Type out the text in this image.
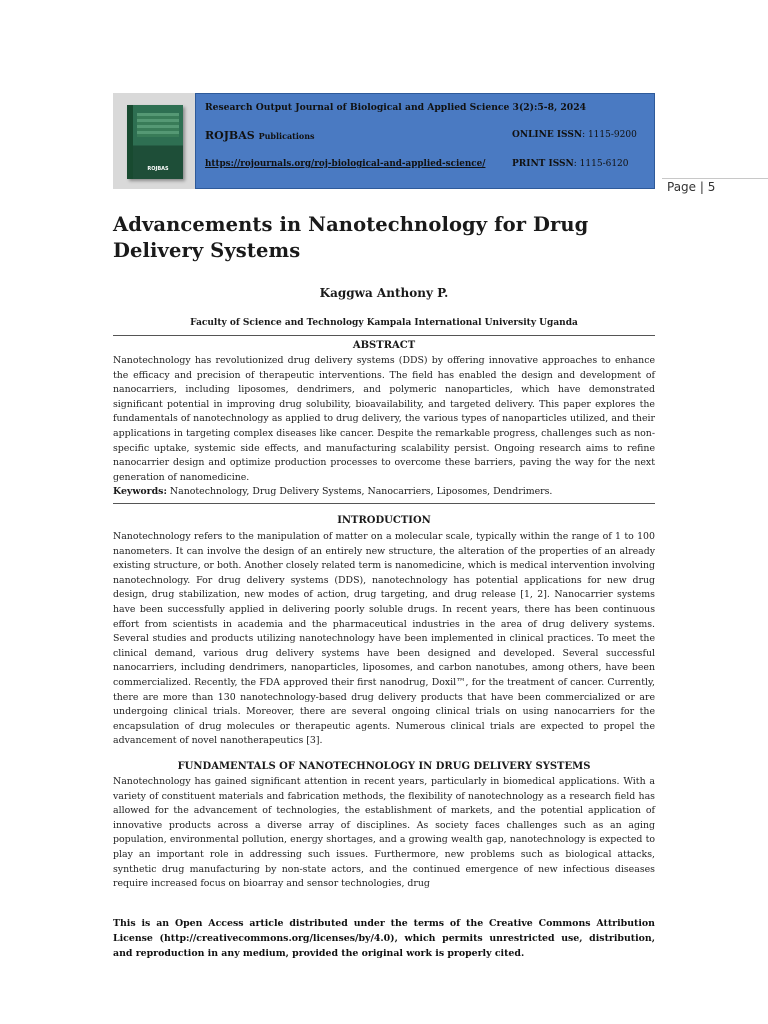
ROJBAS
Research Output Journal of Biological and Applied Science 3(2):5-8, 2024
ROJBAS Publications	ONLINE ISSN: 1115-9200
https://rojournals.org/roj-biological-and-applied-science/	PRINT ISSN: 1115-6120
Page | 5
Advancements in Nanotechnology for Drug Delivery Systems
Kaggwa Anthony P.
Faculty of Science and Technology Kampala International University Uganda
ABSTRACT
Nanotechnology has revolutionized drug delivery systems (DDS) by offering innovative approaches to enhance the efficacy and precision of therapeutic interventions. The field has enabled the design and development of nanocarriers, including liposomes, dendrimers, and polymeric nanoparticles, which have demonstrated significant potential in improving drug solubility, bioavailability, and targeted delivery. This paper explores the fundamentals of nanotechnology as applied to drug delivery, the various types of nanoparticles utilized, and their applications in targeting complex diseases like cancer. Despite the remarkable progress, challenges such as non-specific uptake, systemic side effects, and manufacturing scalability persist. Ongoing research aims to refine nanocarrier design and optimize production processes to overcome these barriers, paving the way for the next generation of nanomedicine.
Keywords: Nanotechnology, Drug Delivery Systems, Nanocarriers, Liposomes, Dendrimers.
INTRODUCTION
Nanotechnology refers to the manipulation of matter on a molecular scale, typically within the range of 1 to 100 nanometers. It can involve the design of an entirely new structure, the alteration of the properties of an already existing structure, or both. Another closely related term is nanomedicine, which is medical intervention involving nanotechnology. For drug delivery systems (DDS), nanotechnology has potential applications for new drug design, drug stabilization, new modes of action, drug targeting, and drug release [1, 2]. Nanocarrier systems have been successfully applied in delivering poorly soluble drugs. In recent years, there has been continuous effort from scientists in academia and the pharmaceutical industries in the area of drug delivery systems. Several studies and products utilizing nanotechnology have been implemented in clinical practices. To meet the clinical demand, various drug delivery systems have been designed and developed. Several successful nanocarriers, including dendrimers, nanoparticles, liposomes, and carbon nanotubes, among others, have been commercialized. Recently, the FDA approved their first nanodrug, Doxil™, for the treatment of cancer. Currently, there are more than 130 nanotechnology-based drug delivery products that have been commercialized or are undergoing clinical trials. Moreover, there are several ongoing clinical trials on using nanocarriers for the encapsulation of drug molecules or therapeutic agents. Numerous clinical trials are expected to propel the advancement of novel nanotherapeutics [3].
FUNDAMENTALS OF NANOTECHNOLOGY IN DRUG DELIVERY SYSTEMS
Nanotechnology has gained significant attention in recent years, particularly in biomedical applications. With a variety of constituent materials and fabrication methods, the flexibility of nanotechnology as a research field has allowed for the advancement of technologies, the establishment of markets, and the potential application of innovative products across a diverse array of disciplines. As society faces challenges such as an aging population, environmental pollution, energy shortages, and a growing wealth gap, nanotechnology is expected to play an important role in addressing such issues. Furthermore, new problems such as biological attacks, synthetic drug manufacturing by non-state actors, and the continued emergence of new infectious diseases require increased focus on bioarray and sensor technologies, drug
This is an Open Access article distributed under the terms of the Creative Commons Attribution License (http://creativecommons.org/licenses/by/4.0), which permits unrestricted use, distribution, and reproduction in any medium, provided the original work is properly cited.
